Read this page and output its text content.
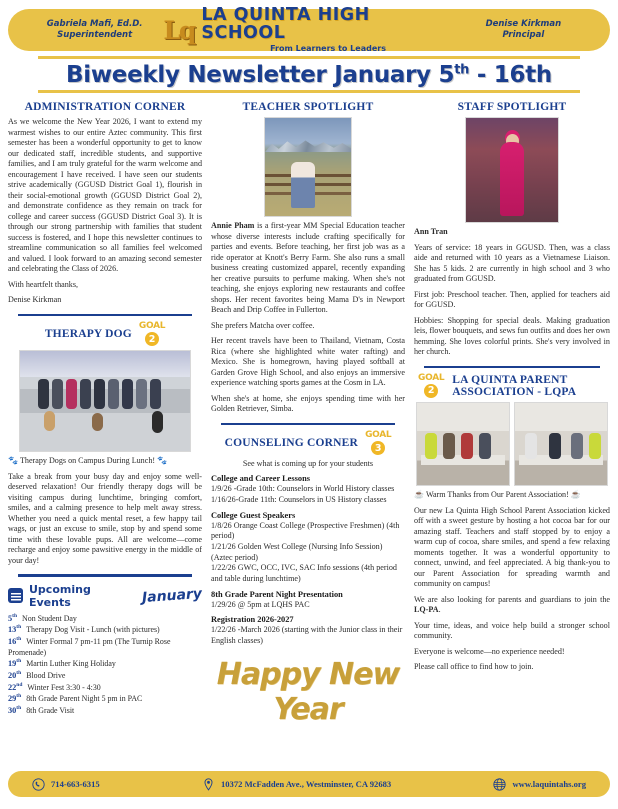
Gabriela Mafi, Ed.D.
Superintendent	Lq
LA QUINTA HIGH SCHOOL
From Learners to Leaders
Denise Kirkman
Principal
Biweekly Newsletter January 5th - 16th
ADMINISTRATION CORNER

As we welcome the New Year 2026, I want to extend my warmest wishes to our entire Aztec community. This first semester has been a wonderful opportunity to get to know our dedicated staff, incredible students, and supportive families, and I am truly grateful for the warm welcome and encouragement I have received. I have seen our students strive academically (GGUSD District Goal 1), flourish in their social-emotional growth (GGUSD District Goal 2), and demonstrate confidence as they remain on track for college and career success (GGUSD District Goal 3). It is through our strong partnership with families that student success is fostered, and I hope this newsletter continues to streamline communication so all families feel welcomed and valued. I look forward to an amazing second semester and celebrating the Class of 2026.

With heartfelt thanks,

Denise Kirkman

THERAPY DOG
GOAL
2

🐾 Therapy Dogs on Campus During Lunch! 🐾

Take a break from your busy day and enjoy some well-deserved relaxation! Our friendly therapy dogs will be visiting campus during lunchtime, bringing comfort, smiles, and a calming presence to help melt away stress. Whether you need a quick mental reset, a few happy tail wags, or just an excuse to smile, stop by and spend some time with these lovable pups. All are welcome—come recharge and enjoy some pawsitive energy in the middle of your day!

Upcoming Events	January

5th Non Student Day

13th Therapy Dog Visit - Lunch (with pictures)

16th Winter Formal 7 pm-11 pm (The Turnip Rose Promenade)

19th Martin Luther King Holiday

20th Blood Drive

22nd Winter Fest 3:30 - 4:30

29th 8th Grade Parent Night 5 pm in PAC

30th 8th Grade Visit

TEACHER SPOTLIGHT

Annie Pham is a first-year MM Special Education teacher whose diverse interests include crafting specifically for parties and events. Before teaching, her first job was as a ride operator at Knott's Berry Farm. She also runs a small business creating customized apparel, recently expanding her creative pursuits to perfume making. When she's not teaching, she enjoys exploring new restaurants and coffee shops. Her recent favorites being Mama D's in Newport Beach and Drip Coffee in Fullerton.

She prefers Matcha over coffee.

Her recent travels have been to Thailand, Vietnam, Costa Rica (where she highlighted white water rafting) and Mexico. She is homegrown, having played softball at Garden Grove High School, and also enjoys an immersive experience watching sports games at the Cosm in LA.

When she's at home, she enjoys spending time with her Golden Retriever, Simba.

COUNSELING CORNER
GOAL
3

See what is coming up for your students

College and Career Lessons

1/9/26 -Grade 10th: Counselors in World History classes

1/16/26-Grade 11th: Counselors in US History classes

College Guest Speakers

1/8/26 Orange Coast College (Prospective Freshmen) (4th period)

1/21/26 Golden West College (Nursing Info Session) (Aztec period)

1/22/26 GWC, OCC, IVC, SAC Info sessions (4th period and table during lunchtime)

8th Grade Parent Night Presentation

1/29/26 @ 5pm at LQHS PAC

Registration 2026-2027

1/22/26 -March 2026 (starting with the Junior class in their English classes)

Happy New Year
STAFF SPOTLIGHT

Ann Tran

Years of service: 18 years in GGUSD. Then, was a class aide and returned with 10 years as a Vietnamese Liaison. She has 5 kids. 2 are currently in high school and 3 who graduated from GGUSD.

First job: Preschool teacher. Then, applied for teachers aid for GGUSD.

Hobbies: Shopping for special deals. Making graduation leis, flower bouquets, and sews fun outfits and does her own hemming. She loves colorful prints. She's very involved in her church.

GOAL
2
LA QUINTA PARENT
ASSOCIATION - LQPA

☕ Warm Thanks from Our Parent Association! ☕

Our new La Quinta High School Parent Association kicked off with a sweet gesture by hosting a hot cocoa bar for our amazing staff. Teachers and staff stopped by to enjoy a warm cup of cocoa, share smiles, and spend a few relaxing moments together. It was a wonderful opportunity to connect, unwind, and feel appreciated. A big thank-you to our Parent Association for spreading warmth and community on campus!

We are also looking for parents and guardians to join the LQ-PA.

Your time, ideas, and voice help build a stronger school community.

Everyone is welcome—no experience needed!

Please call office to find how to join.

714-663-6315	10372 McFadden Ave., Westminster, CA 92683	www.laquintahs.org
